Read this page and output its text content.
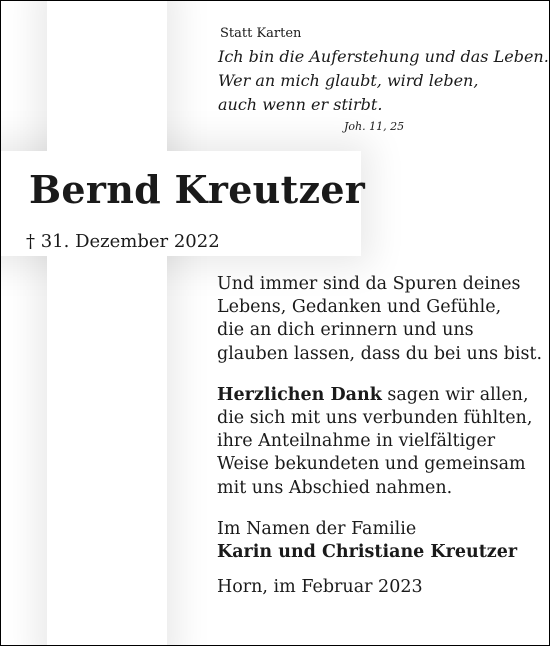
Statt Karten
Ich bin die Auferstehung und das Leben.
Wer an mich glaubt, wird leben,
auch wenn er stirbt.
Joh. 11, 25
Bernd Kreutzer
† 31. Dezember 2022
Und immer sind da Spuren deines
Lebens, Gedanken und Gefühle,
die an dich erinnern und uns
glauben lassen, dass du bei uns bist.
Herzlichen Dank sagen wir allen,
die sich mit uns verbunden fühlten,
ihre Anteilnahme in vielfältiger
Weise bekundeten und gemeinsam
mit uns Abschied nahmen.
Im Namen der Familie
Karin und Christiane Kreutzer
Horn, im Februar 2023
